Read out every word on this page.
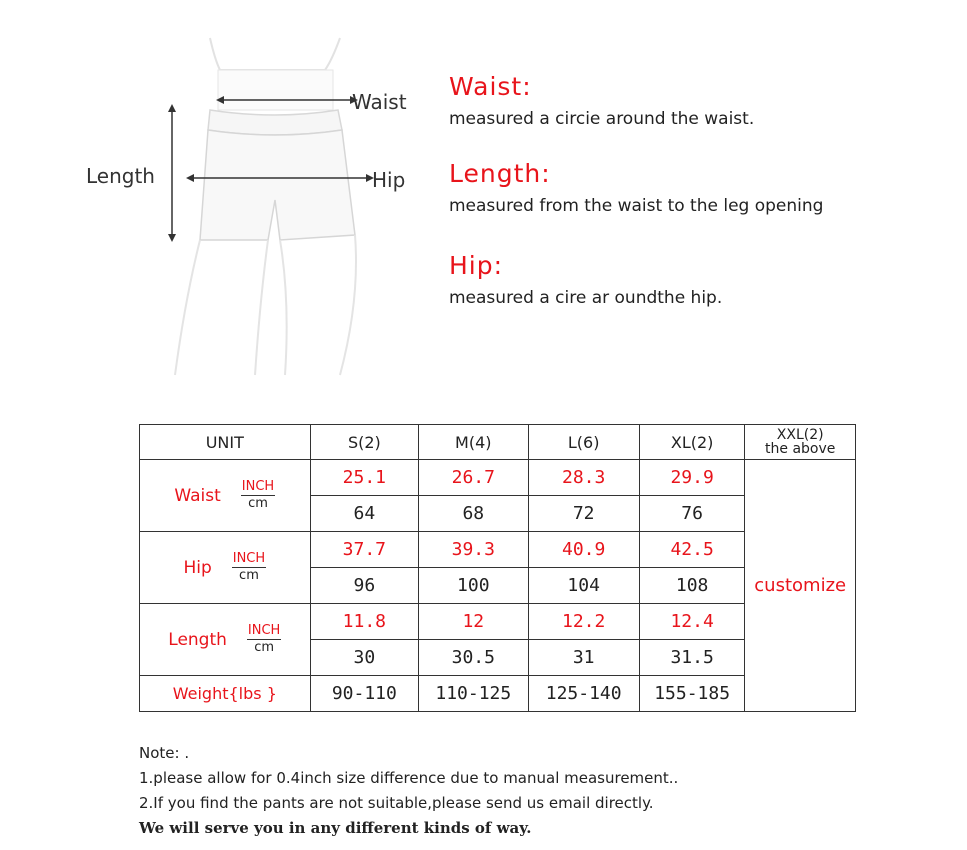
Waist
Hip
Length
Waist:
measured a circie around the waist.
Length:
measured from the waist to the leg opening
Hip:
measured a cire ar oundthe hip.
UNIT	S(2)	M(4)	L(6)	XL(2)	XXL(2)
the above

Waist $\frac{\text{INCH}}{cm}$	25.1	26.7	28.3	29.9	customize
	64	68	72	76	

Hip $\frac{\text{INCH}}{cm}$	37.7	39.3	40.9	42.5	
	96	100	104	108	

Length $\frac{\text{INCH}}{cm}$	11.8	12	12.2	12.4	
	30	30.5	31	31.5	
Weight{lbs }	90-110	110-125	125-140	155-185	
Note: .
1.please allow for 0.4inch size difference due to manual measurement..
2.If you find the pants are not suitable,please send us email directly.
We will serve you in any different kinds of way.
